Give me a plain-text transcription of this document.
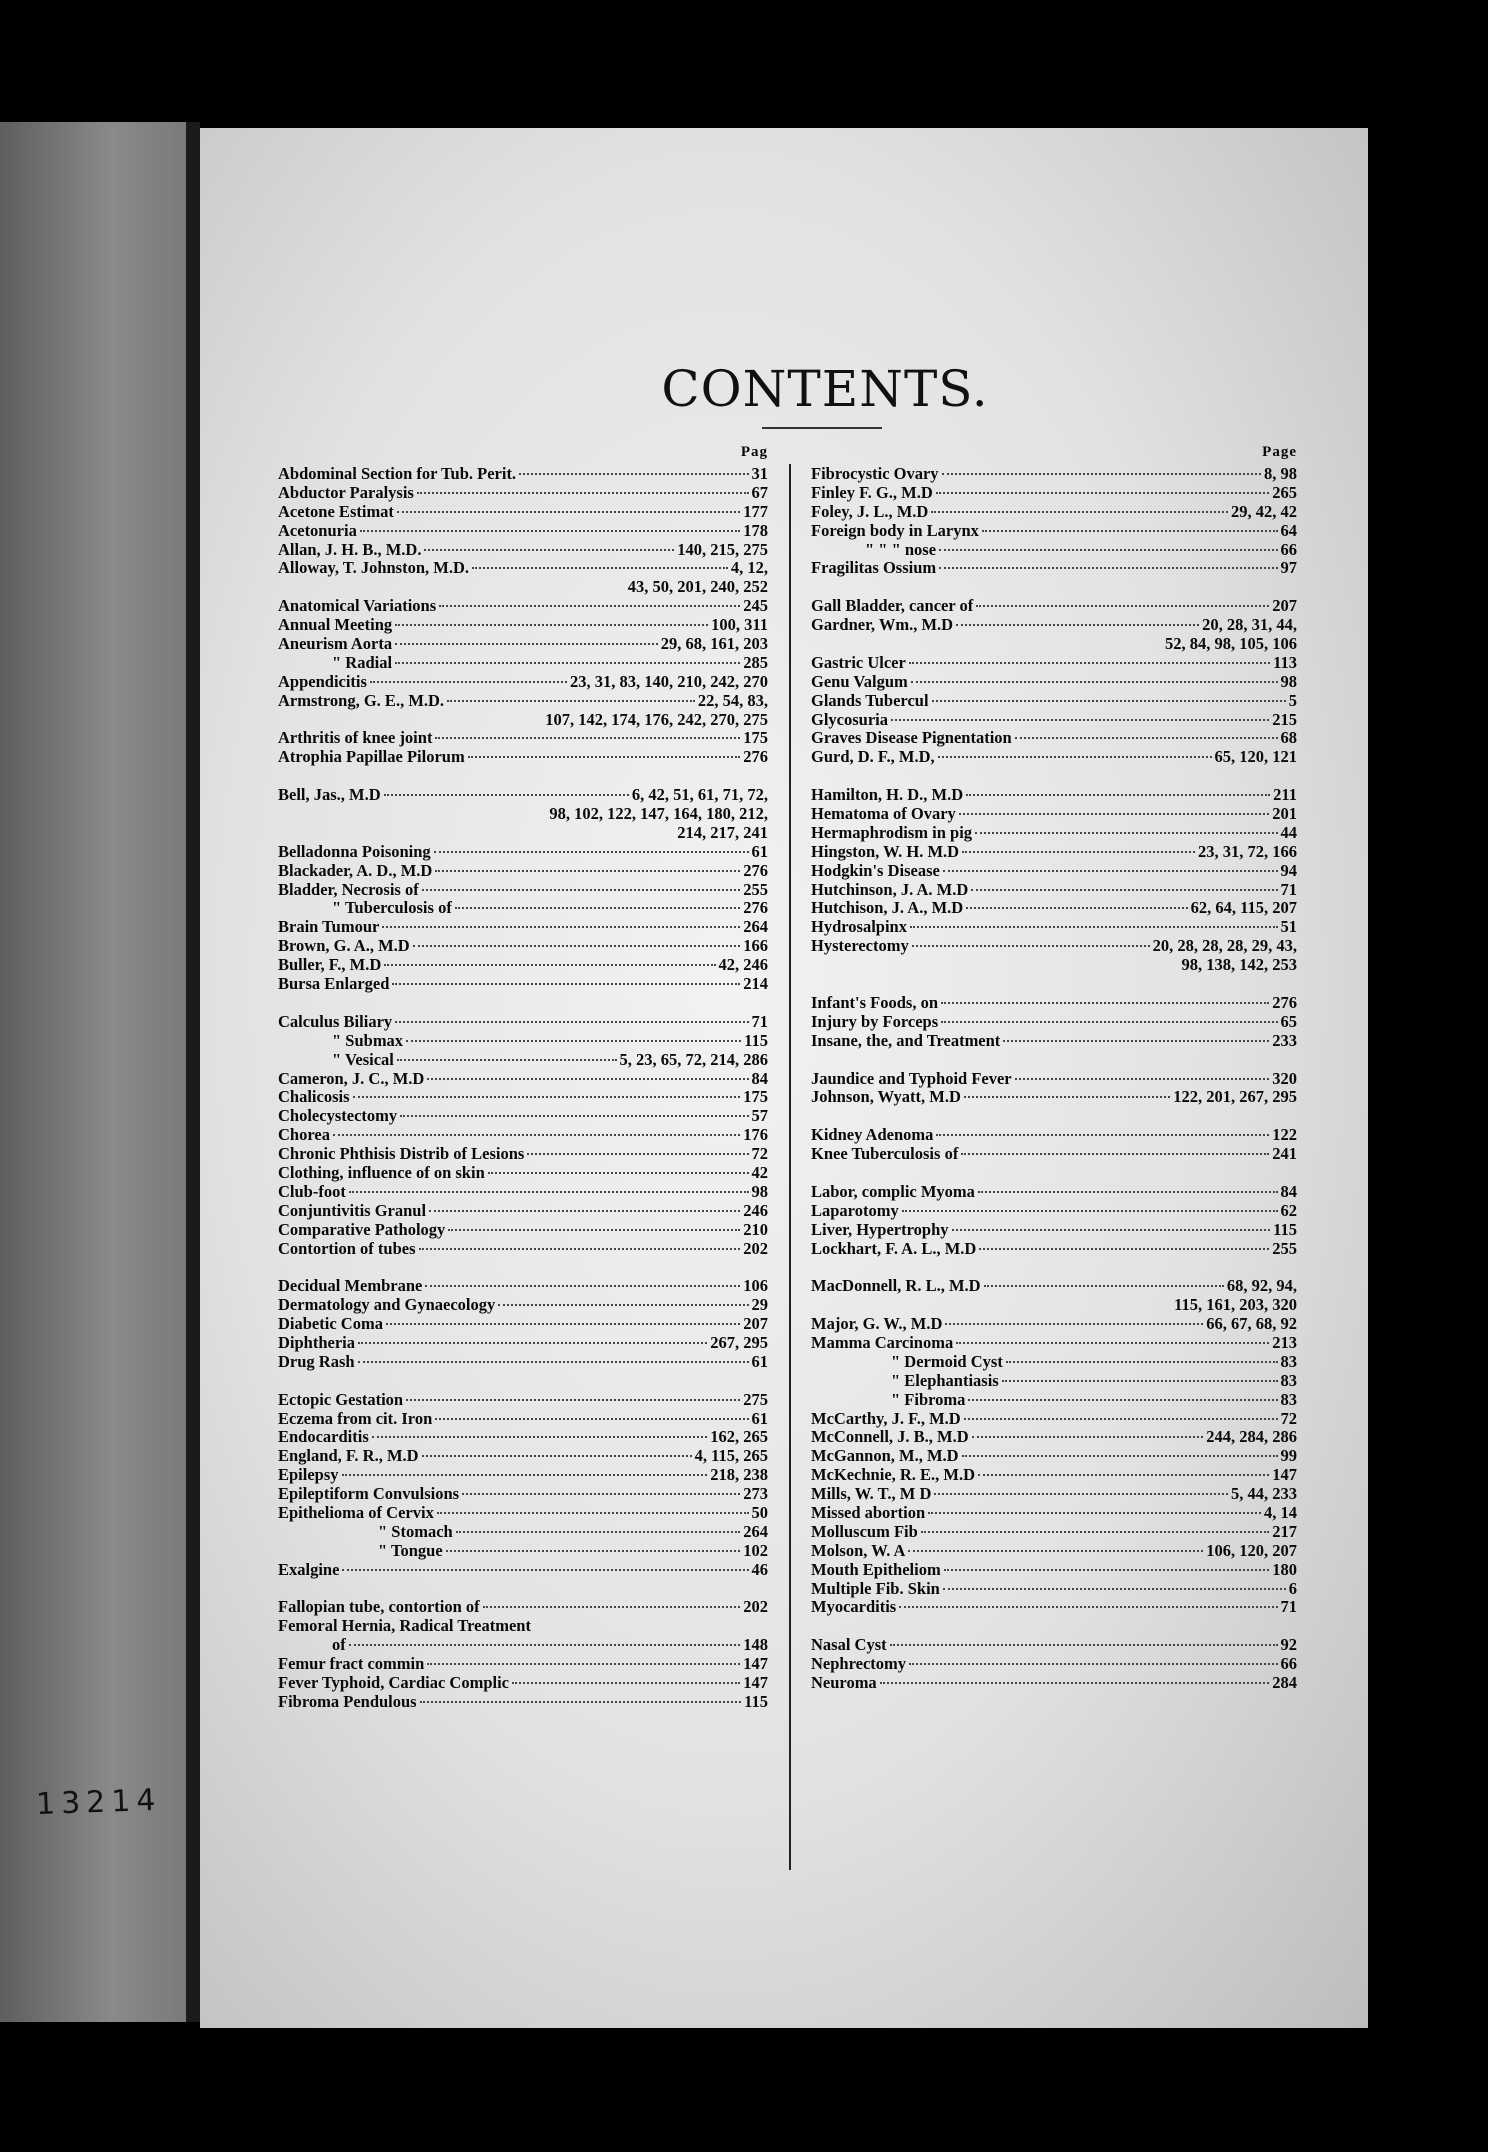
CONTENTS.
Pag
Abdominal Section for Tub. Perit.	31
Abductor Paralysis	67
Acetone Estimat	177
Acetonuria	178
Allan, J. H. B., M.D.	140, 215, 275
Alloway, T. Johnston, M.D.	4, 12,
43, 50, 201, 240, 252
Anatomical Variations	245
Annual Meeting	100, 311
Aneurism Aorta	29, 68, 161, 203
" Radial	285
Appendicitis	23, 31, 83, 140, 210, 242, 270
Armstrong, G. E., M.D.	22, 54, 83,
107, 142, 174, 176, 242, 270, 275
Arthritis of knee joint	175
Atrophia Papillae Pilorum	276
Bell, Jas., M.D	6, 42, 51, 61, 71, 72,
98, 102, 122, 147, 164, 180, 212,
214, 217, 241
Belladonna Poisoning	61
Blackader, A. D., M.D	276
Bladder, Necrosis of	255
" Tuberculosis of	276
Brain Tumour	264
Brown, G. A., M.D	166
Buller, F., M.D	42, 246
Bursa Enlarged	214
Calculus Biliary	71
" Submax	115
" Vesical	5, 23, 65, 72, 214, 286
Cameron, J. C., M.D	84
Chalicosis	175
Cholecystectomy	57
Chorea	176
Chronic Phthisis Distrib of Lesions	72
Clothing, influence of on skin	42
Club-foot	98
Conjuntivitis Granul	246
Comparative Pathology	210
Contortion of tubes	202
Decidual Membrane	106
Dermatology and Gynaecology	29
Diabetic Coma	207
Diphtheria	267, 295
Drug Rash	61
Ectopic Gestation	275
Eczema from cit. Iron	61
Endocarditis	162, 265
England, F. R., M.D	4, 115, 265
Epilepsy	218, 238
Epileptiform Convulsions	273
Epithelioma of Cervix	50
" Stomach	264
" Tongue	102
Exalgine	46
Fallopian tube, contortion of	202
Femoral Hernia, Radical Treatment
of	148
Femur fract commin	147
Fever Typhoid, Cardiac Complic	147
Fibroma Pendulous	115
Page
Fibrocystic Ovary	8, 98
Finley F. G., M.D	265
Foley, J. L., M.D	29, 42, 42
Foreign body in Larynx	64
" " " nose	66
Fragilitas Ossium	97
Gall Bladder, cancer of	207
Gardner, Wm., M.D	20, 28, 31, 44,
52, 84, 98, 105, 106
Gastric Ulcer	113
Genu Valgum	98
Glands Tubercul	5
Glycosuria	215
Graves Disease Pignentation	68
Gurd, D. F., M.D,	65, 120, 121
Hamilton, H. D., M.D	211
Hematoma of Ovary	201
Hermaphrodism in pig	44
Hingston, W. H. M.D	23, 31, 72, 166
Hodgkin's Disease	94
Hutchinson, J. A. M.D	71
Hutchison, J. A., M.D	62, 64, 115, 207
Hydrosalpinx	51
Hysterectomy	20, 28, 28, 28, 29, 43,
98, 138, 142, 253
Infant's Foods, on	276
Injury by Forceps	65
Insane, the, and Treatment	233
Jaundice and Typhoid Fever	320
Johnson, Wyatt, M.D	122, 201, 267, 295
Kidney Adenoma	122
Knee Tuberculosis of	241
Labor, complic Myoma	84
Laparotomy	62
Liver, Hypertrophy	115
Lockhart, F. A. L., M.D	255
MacDonnell, R. L., M.D	68, 92, 94,
115, 161, 203, 320
Major, G. W., M.D	66, 67, 68, 92
Mamma Carcinoma	213
" Dermoid Cyst	83
" Elephantiasis	83
" Fibroma	83
McCarthy, J. F., M.D	72
McConnell, J. B., M.D	244, 284, 286
McGannon, M., M.D	99
McKechnie, R. E., M.D	147
Mills, W. T., M D	5, 44, 233
Missed abortion	4, 14
Molluscum Fib	217
Molson, W. A	106, 120, 207
Mouth Epitheliom	180
Multiple Fib. Skin	6
Myocarditis	71
Nasal Cyst	92
Nephrectomy	66
Neuroma	284
13214
